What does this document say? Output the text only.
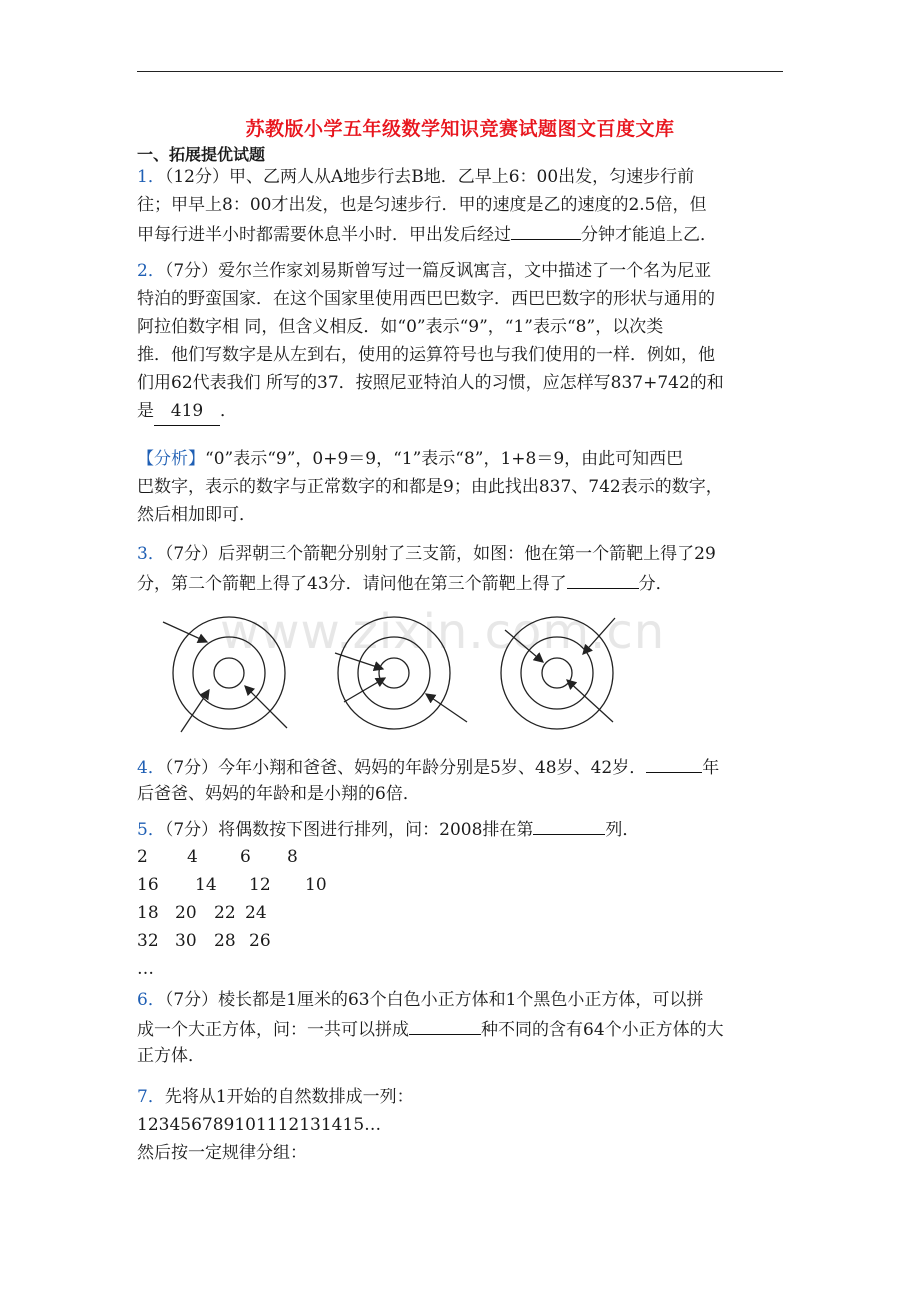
苏教版小学五年级数学知识竞赛试题图文百度文库
一、拓展提优试题
1．（12分）甲、乙两人从A地步行去B地．乙早上6：00出发，匀速步行前
往；甲早上8：00才出发，也是匀速步行．甲的速度是乙的速度的2.5倍，但
甲每行进半小时都需要休息半小时．甲出发后经过	分钟才能追上乙．
2．（7分）爱尔兰作家刘易斯曾写过一篇反讽寓言，文中描述了一个名为尼亚
特泊的野蛮国家．在这个国家里使用西巴巴数字．西巴巴数字的形状与通用的
阿拉伯数字相 同，但含义相反．如“0”表示“9”，“1”表示“8”，以次类
推．他们写数字是从左到右，使用的运算符号也与我们使用的一样．例如，他
们用62代表我们 所写的37．按照尼亚特泊人的习惯，应怎样写837+742的和
是 419 ．
【分析】“0”表示“9”，0+9＝9，“1”表示“8”，1+8＝9，由此可知西巴
巴数字，表示的数字与正常数字的和都是9；由此找出837、742表示的数字，
然后相加即可．
3．（7分）后羿朝三个箭靶分别射了三支箭，如图：他在第一个箭靶上得了29
分，第二个箭靶上得了43分．请问他在第三个箭靶上得了	分．
www.zixin.com.cn
4．（7分）今年小翔和爸爸、妈妈的年龄分别是5岁、48岁、42岁．	年
后爸爸、妈妈的年龄和是小翔的6倍．
5．（7分）将偶数按下图进行排列，问：2008排在第	列．
2 4 6 8
16 14 12 10
18 20 22 24
32 30 28 26
…
6．（7分）棱长都是1厘米的63个白色小正方体和1个黑色小正方体，可以拼
成一个大正方体，问：一共可以拼成	种不同的含有64个小正方体的大
正方体．
7．先将从1开始的自然数排成一列：
123456789101112131415…
然后按一定规律分组：
